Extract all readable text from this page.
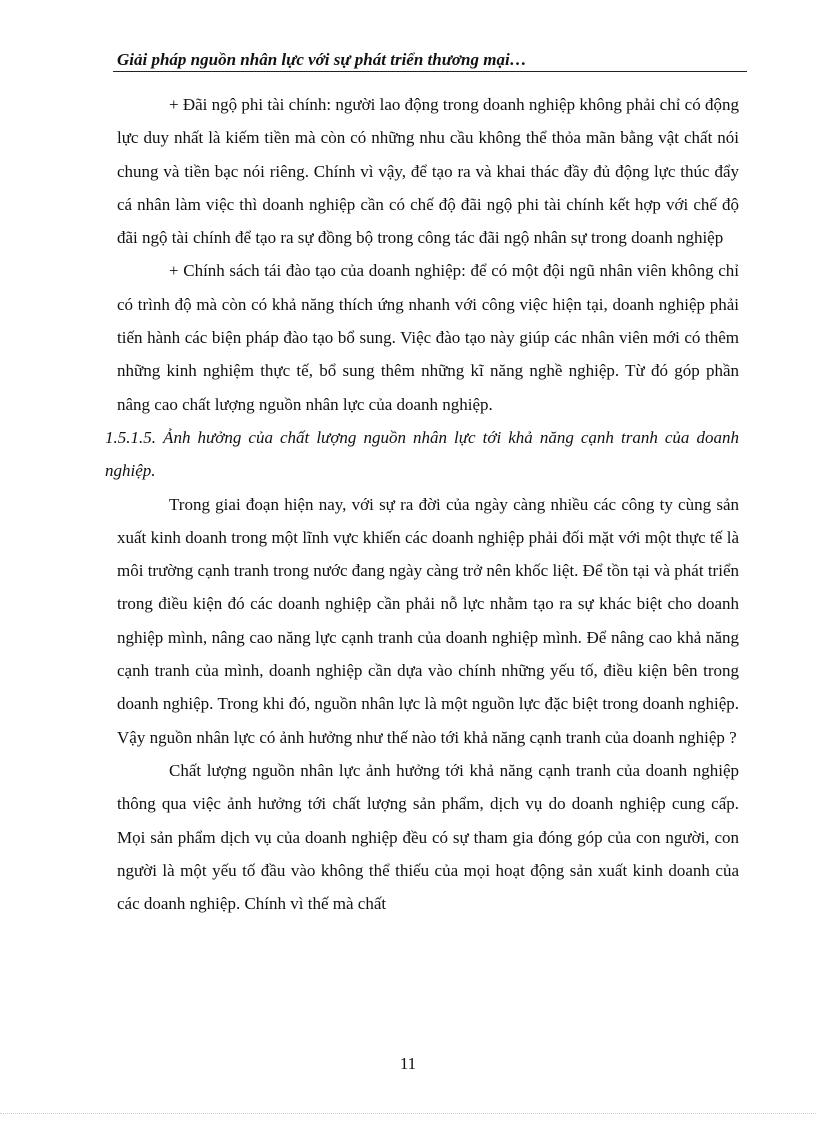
Giải pháp nguồn nhân lực với sự phát triển thương mại…

+ Đãi ngộ phi tài chính: người lao động trong doanh nghiệp không phải chỉ có động lực duy nhất là kiếm tiền mà còn có những nhu cầu không thể thỏa mãn bằng vật chất nói chung và tiền bạc nói riêng. Chính vì vậy, để tạo ra và khai thác đầy đủ động lực thúc đẩy cá nhân làm việc thì doanh nghiệp cần có chế độ đãi ngộ phi tài chính kết hợp với chế độ đãi ngộ tài chính để tạo ra sự đồng bộ trong công tác đãi ngộ nhân sự trong doanh nghiệp

+ Chính sách tái đào tạo của doanh nghiệp: để có một đội ngũ nhân viên không chỉ có trình độ mà còn có khả năng thích ứng nhanh với công việc hiện tại, doanh nghiệp phải tiến hành các biện pháp đào tạo bổ sung. Việc đào tạo này giúp các nhân viên mới có thêm những kinh nghiệm thực tế, bổ sung thêm những kĩ năng nghề nghiệp. Từ đó góp phần nâng cao chất lượng nguồn nhân lực của doanh nghiệp.

1.5.1.5. Ảnh hưởng của chất lượng nguồn nhân lực tới khả năng cạnh tranh của doanh nghiệp.

Trong giai đoạn hiện nay, với sự ra đời của ngày càng nhiều các công ty cùng sản xuất kinh doanh trong một lĩnh vực khiến các doanh nghiệp phải đối mặt với một thực tế là môi trường cạnh tranh trong nước đang ngày càng trở nên khốc liệt. Để tồn tại và phát triển trong điều kiện đó các doanh nghiệp cần phải nỗ lực nhằm tạo ra sự khác biệt cho doanh nghiệp mình, nâng cao năng lực cạnh tranh của doanh nghiệp mình. Để nâng cao khả năng cạnh tranh của mình, doanh nghiệp cần dựa vào chính những yếu tố, điều kiện bên trong doanh nghiệp. Trong khi đó, nguồn nhân lực là một nguồn lực đặc biệt trong doanh nghiệp. Vậy nguồn nhân lực có ảnh hưởng như thế nào tới khả năng cạnh tranh của doanh nghiệp ?

Chất lượng nguồn nhân lực ảnh hưởng tới khả năng cạnh tranh của doanh nghiệp thông qua việc ảnh hưởng tới chất lượng sản phẩm, dịch vụ do doanh nghiệp cung cấp. Mọi sản phẩm dịch vụ của doanh nghiệp đều có sự tham gia đóng góp của con người, con người là một yếu tố đầu vào không thể thiếu của mọi hoạt động sản xuất kinh doanh của các doanh nghiệp. Chính vì thế mà chất

11
